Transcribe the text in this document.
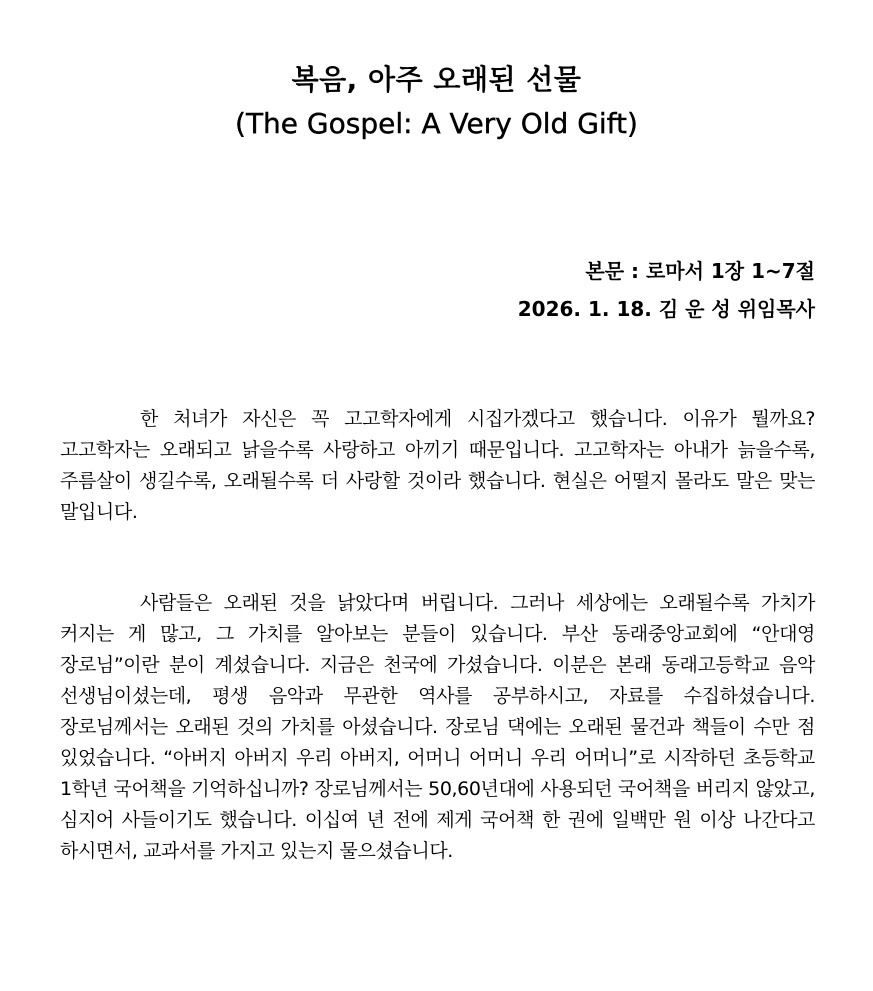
복음, 아주 오래된 선물
(The Gospel: A Very Old Gift)
본문 : 로마서 1장 1~7절
2026. 1. 18. 김 운 성 위임목사

한 처녀가 자신은 꼭 고고학자에게 시집가겠다고 했습니다. 이유가 뭘까요? 고고학자는 오래되고 낡을수록 사랑하고 아끼기 때문입니다. 고고학자는 아내가 늙을수록, 주름살이 생길수록, 오래될수록 더 사랑할 것이라 했습니다. 현실은 어떨지 몰라도 말은 맞는 말입니다.

사람들은 오래된 것을 낡았다며 버립니다. 그러나 세상에는 오래될수록 가치가 커지는 게 많고, 그 가치를 알아보는 분들이 있습니다. 부산 동래중앙교회에 “안대영 장로님”이란 분이 계셨습니다. 지금은 천국에 가셨습니다. 이분은 본래 동래고등학교 음악 선생님이셨는데, 평생 음악과 무관한 역사를 공부하시고, 자료를 수집하셨습니다. 장로님께서는 오래된 것의 가치를 아셨습니다. 장로님 댁에는 오래된 물건과 책들이 수만 점 있었습니다. “아버지 아버지 우리 아버지, 어머니 어머니 우리 어머니”로 시작하던 초등학교 1학년 국어책을 기억하십니까? 장로님께서는 50,60년대에 사용되던 국어책을 버리지 않았고, 심지어 사들이기도 했습니다. 이십여 년 전에 제게 국어책 한 권에 일백만 원 이상 나간다고 하시면서, 교과서를 가지고 있는지 물으셨습니다.
